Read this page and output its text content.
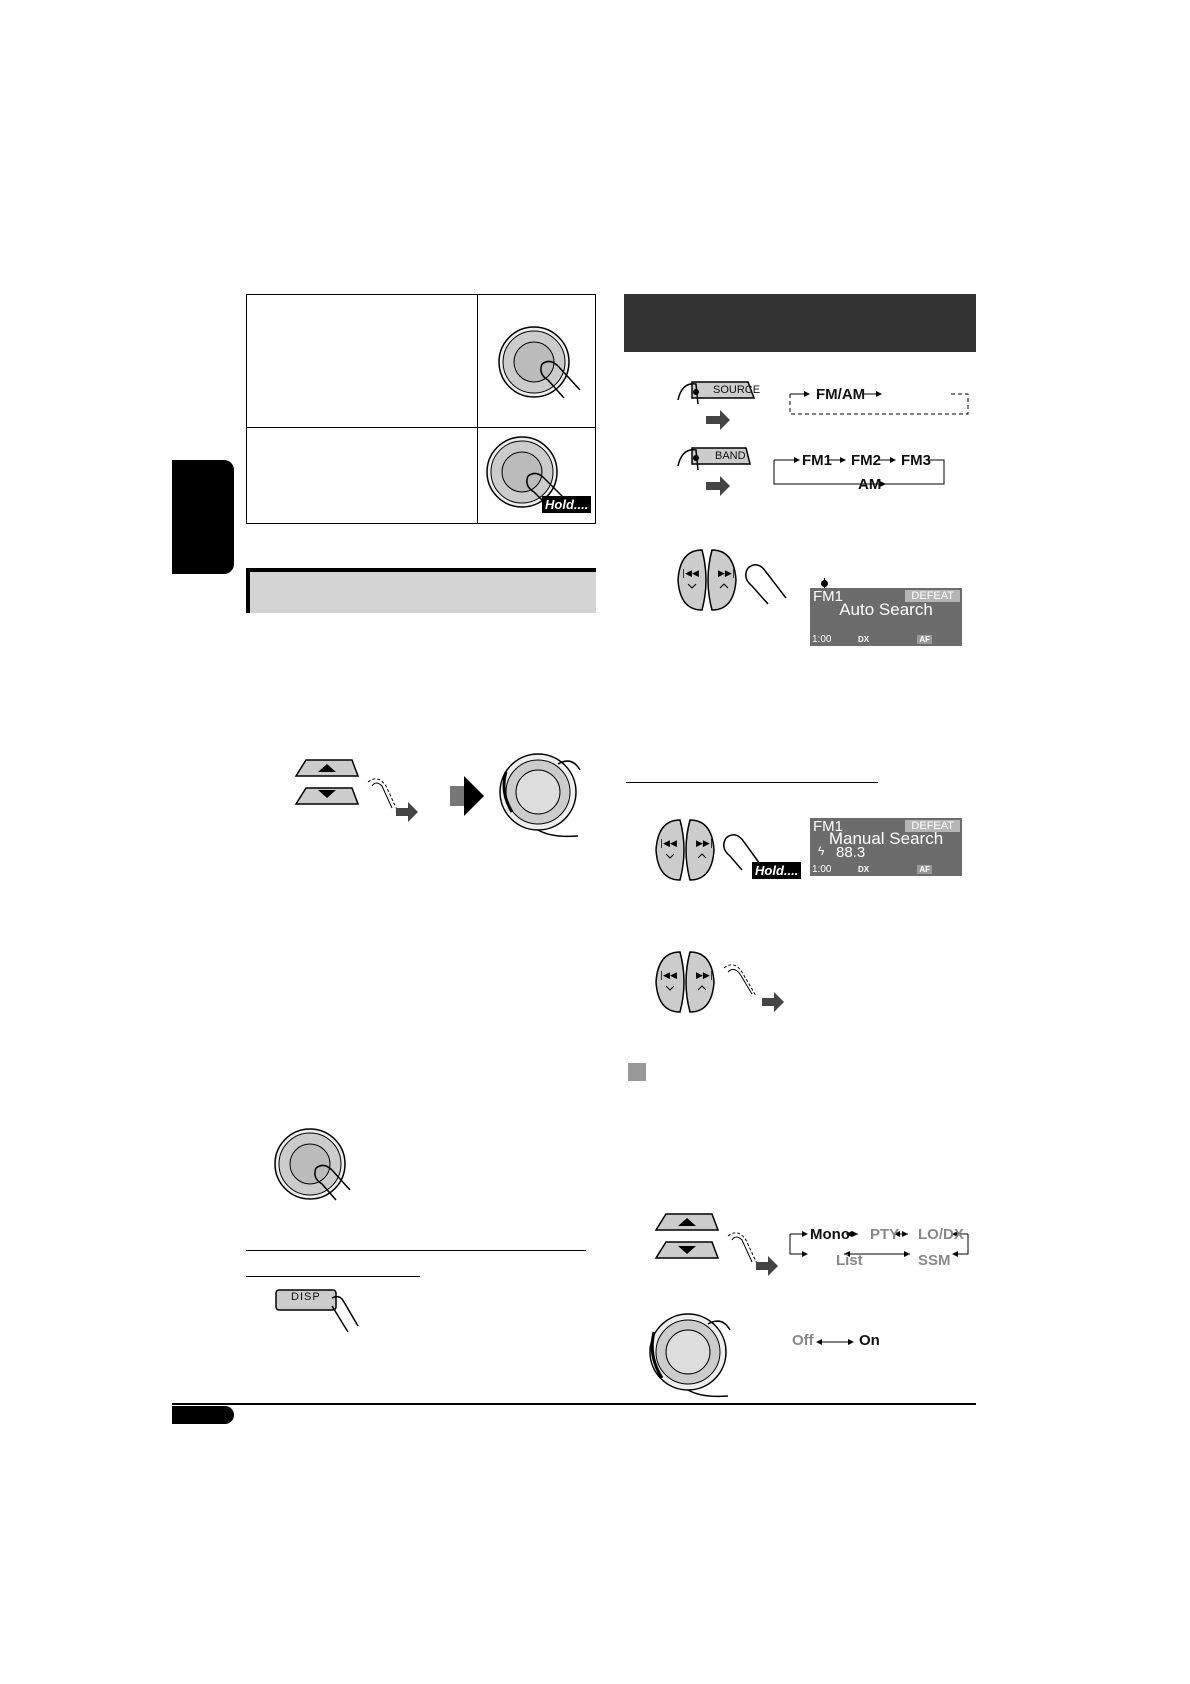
Hold....
DISP
SOURCE	FM/AM
BAND	FM1 FM2 FM3
AM
|◀◀ ▶▶|
FM1	DEFEAT
Auto Search
1:00	DX	AF
|◀◀ ▶▶|
Hold....
FM1	DEFEAT
Manual Search
ϟ 88.3
1:00	DX	AF
|◀◀ ▶▶|
Mono PTY LO/DX
List	SSM
Off	On
